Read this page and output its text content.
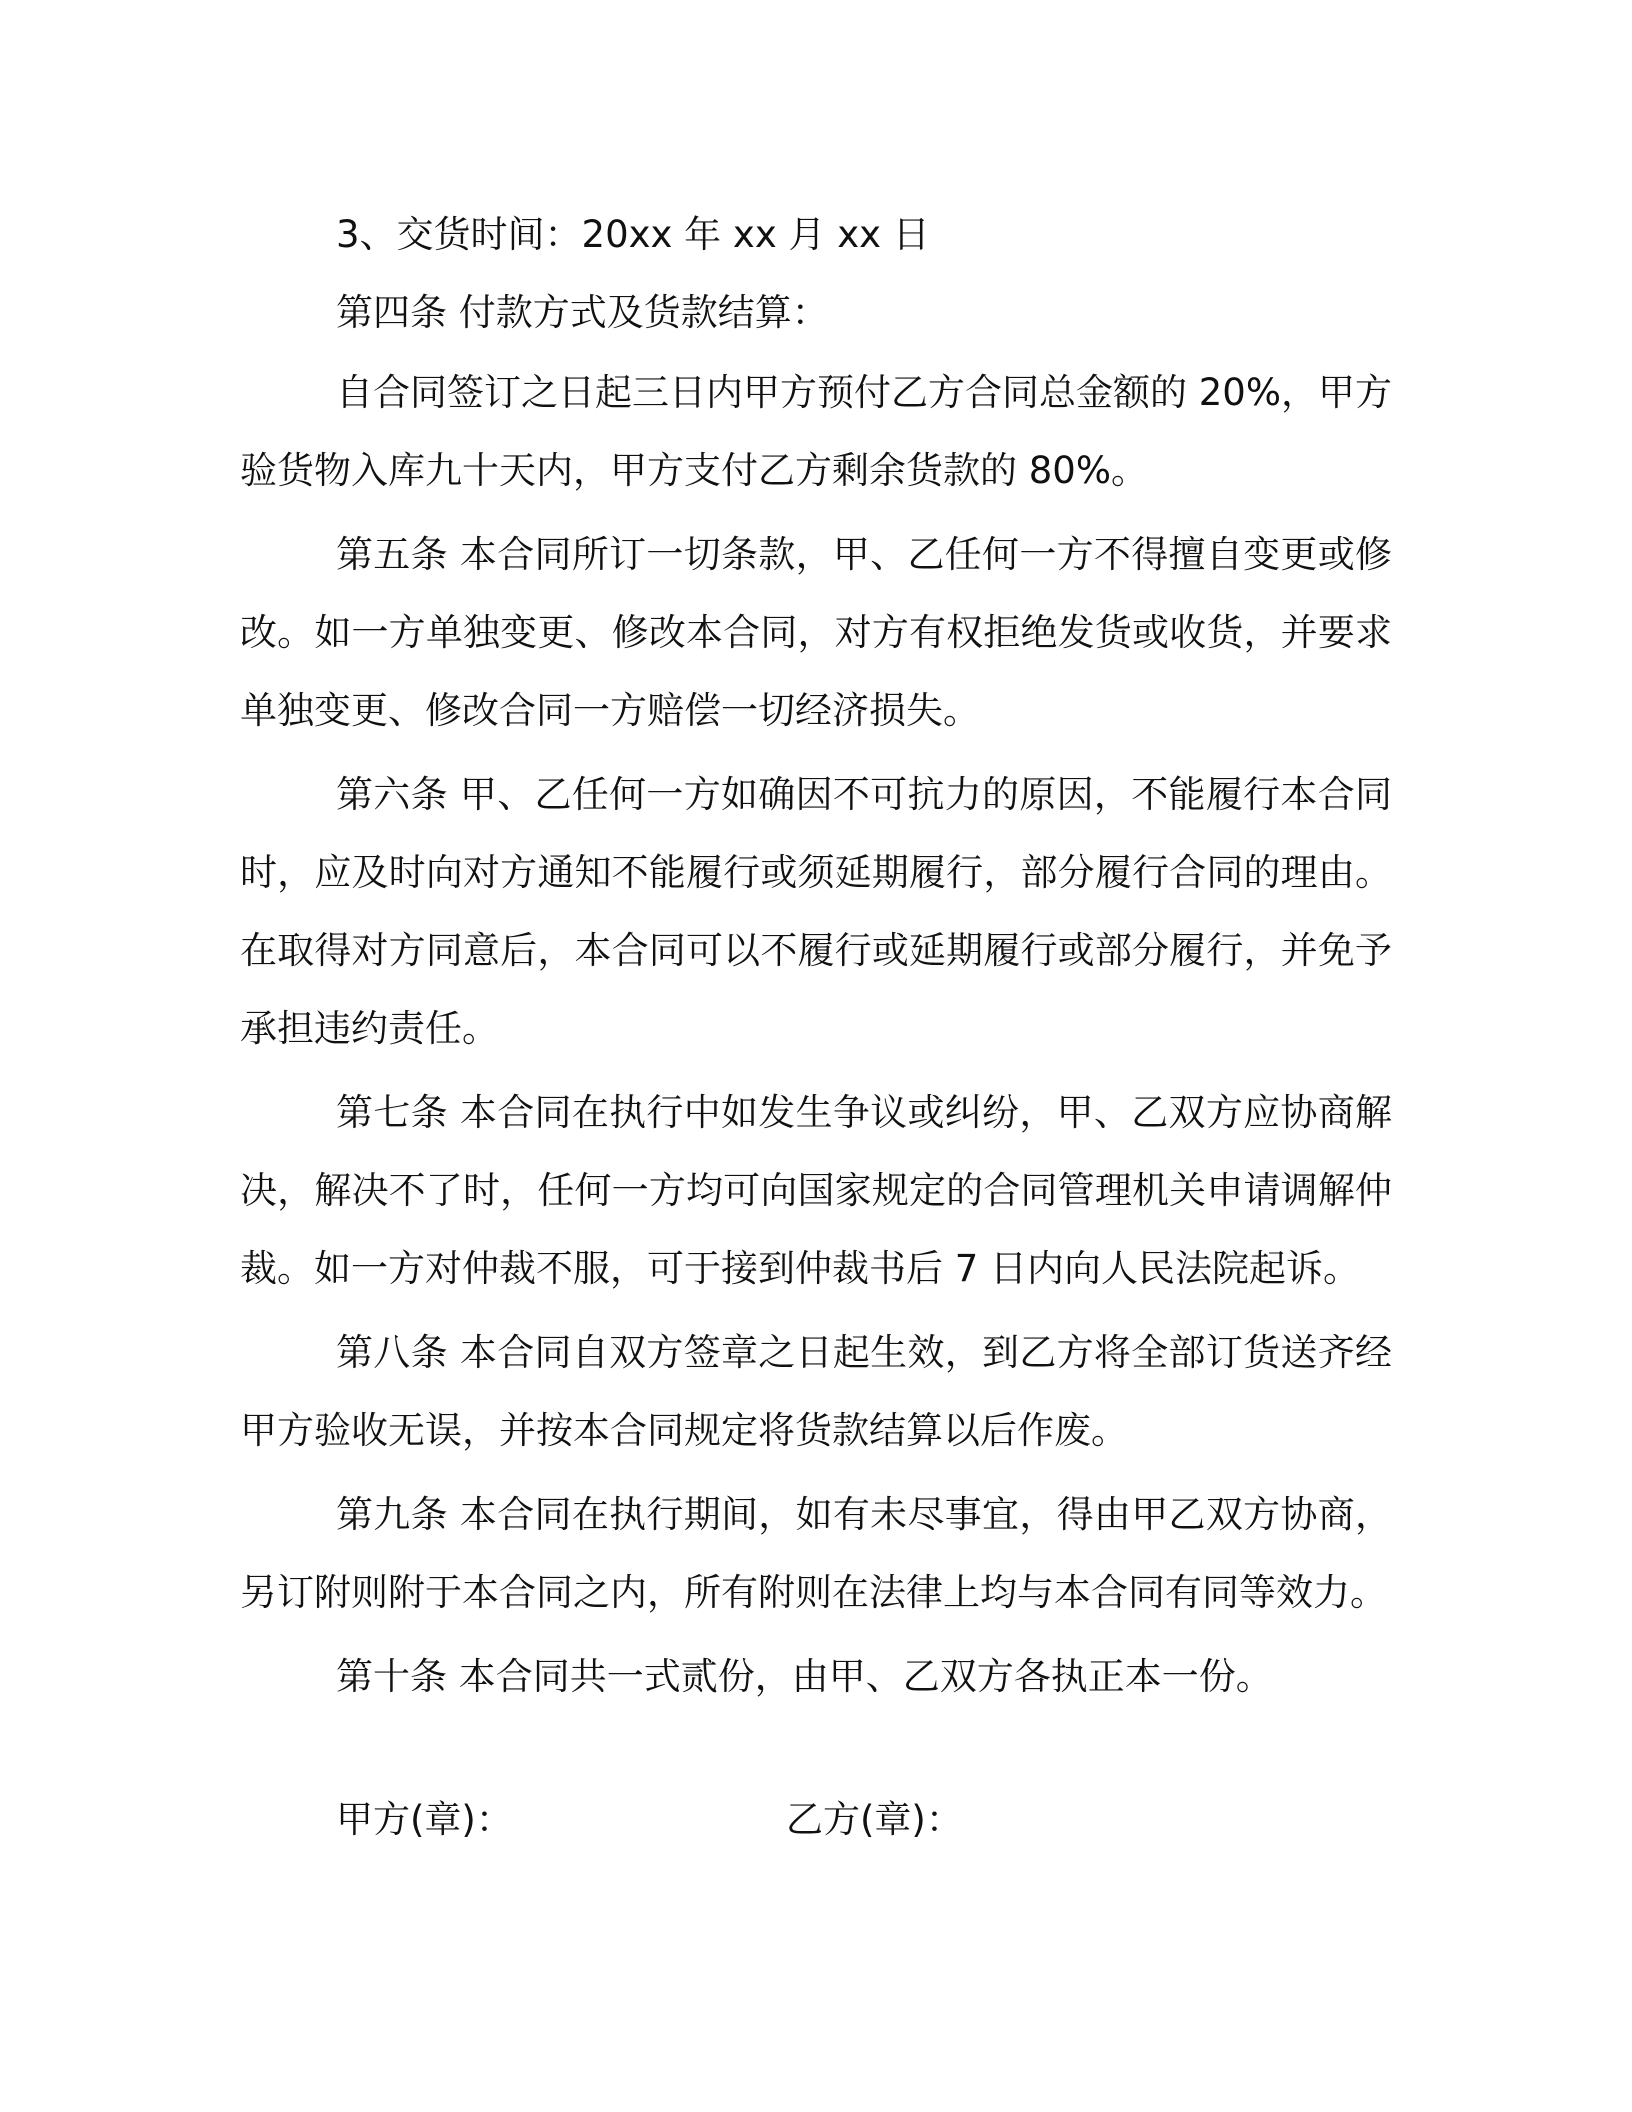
3、交货时间：20xx 年 xx 月 xx 日

第四条 付款方式及货款结算：

自合同签订之日起三日内甲方预付乙方合同总金额的 20%，甲方验货物入库九十天内，甲方支付乙方剩余货款的 80%。

第五条 本合同所订一切条款，甲、乙任何一方不得擅自变更或修改。如一方单独变更、修改本合同，对方有权拒绝发货或收货，并要求单独变更、修改合同一方赔偿一切经济损失。

第六条 甲、乙任何一方如确因不可抗力的原因，不能履行本合同时，应及时向对方通知不能履行或须延期履行，部分履行合同的理由。在取得对方同意后，本合同可以不履行或延期履行或部分履行，并免予承担违约责任。

第七条 本合同在执行中如发生争议或纠纷，甲、乙双方应协商解决，解决不了时，任何一方均可向国家规定的合同管理机关申请调解仲裁。如一方对仲裁不服，可于接到仲裁书后 7 日内向人民法院起诉。

第八条 本合同自双方签章之日起生效，到乙方将全部订货送齐经甲方验收无误，并按本合同规定将货款结算以后作废。

第九条 本合同在执行期间，如有未尽事宜，得由甲乙双方协商，另订附则附于本合同之内，所有附则在法律上均与本合同有同等效力。

第十条 本合同共一式贰份，由甲、乙双方各执正本一份。

甲方(章)：	乙方(章)：
